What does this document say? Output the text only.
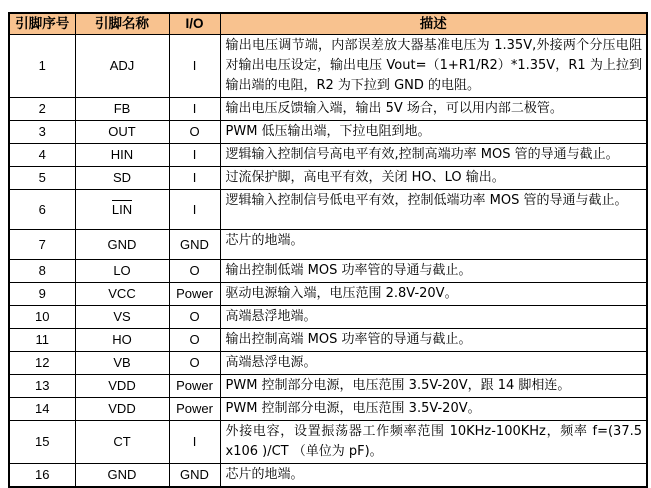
引脚序号	引脚名称	I/O	描述
1	ADJ	I	输出电压调节端，内部误差放大器基准电压为 1.35V,外接两个分压电阻对输出电压设定，输出电压 Vout=（1+R1/R2）*1.35V，R1 为上拉到输出端的电阻，R2 为下拉到 GND 的电阻。
2	FB	I	输出电压反馈输入端，输出 5V 场合，可以用内部二极管。
3	OUT	O	PWM 低压输出端，下拉电阻到地。
4	HIN	I	逻辑输入控制信号高电平有效,控制高端功率 MOS 管的导通与截止。
5	SD	I	过流保护脚，高电平有效，关闭 HO、LO 输出。
6	LIN	I	逻辑输入控制信号低电平有效，控制低端功率 MOS 管的导通与截止。
7	GND	GND	芯片的地端。
8	LO	O	输出控制低端 MOS 功率管的导通与截止。
9	VCC	Power	驱动电源输入端，电压范围 2.8V-20V。
10	VS	O	高端悬浮地端。
11	HO	O	输出控制高端 MOS 功率管的导通与截止。
12	VB	O	高端悬浮电源。
13	VDD	Power	PWM 控制部分电源，电压范围 3.5V-20V，跟 14 脚相连。
14	VDD	Power	PWM 控制部分电源，电压范围 3.5V-20V。
15	CT	I	外接电容，设置振荡器工作频率范围 10KHz-100KHz，频率 f=(37.5 x106 )/CT （单位为 pF)。
16	GND	GND	芯片的地端。
